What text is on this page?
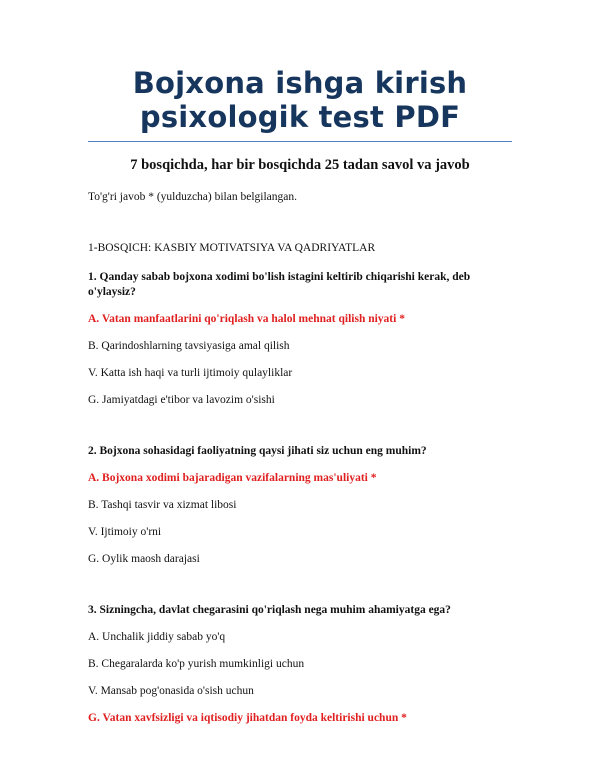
Bojxona ishga kirish
psixologik test PDF
7 bosqichda, har bir bosqichda 25 tadan savol va javob
To'g'ri javob * (yulduzcha) bilan belgilangan.
1-BOSQICH: KASBIY MOTIVATSIYA VA QADRIYATLAR
1. Qanday sabab bojxona xodimi bo'lish istagini keltirib chiqarishi kerak, deb o'ylaysiz?
A. Vatan manfaatlarini qo'riqlash va halol mehnat qilish niyati *
B. Qarindoshlarning tavsiyasiga amal qilish
V. Katta ish haqi va turli ijtimoiy qulayliklar
G. Jamiyatdagi e'tibor va lavozim o'sishi
2. Bojxona sohasidagi faoliyatning qaysi jihati siz uchun eng muhim?
A. Bojxona xodimi bajaradigan vazifalarning mas'uliyati *
B. Tashqi tasvir va xizmat libosi
V. Ijtimoiy o'rni
G. Oylik maosh darajasi
3. Sizningcha, davlat chegarasini qo'riqlash nega muhim ahamiyatga ega?
A. Unchalik jiddiy sabab yo'q
B. Chegaralarda ko'p yurish mumkinligi uchun
V. Mansab pog'onasida o'sish uchun
G. Vatan xavfsizligi va iqtisodiy jihatdan foyda keltirishi uchun *
